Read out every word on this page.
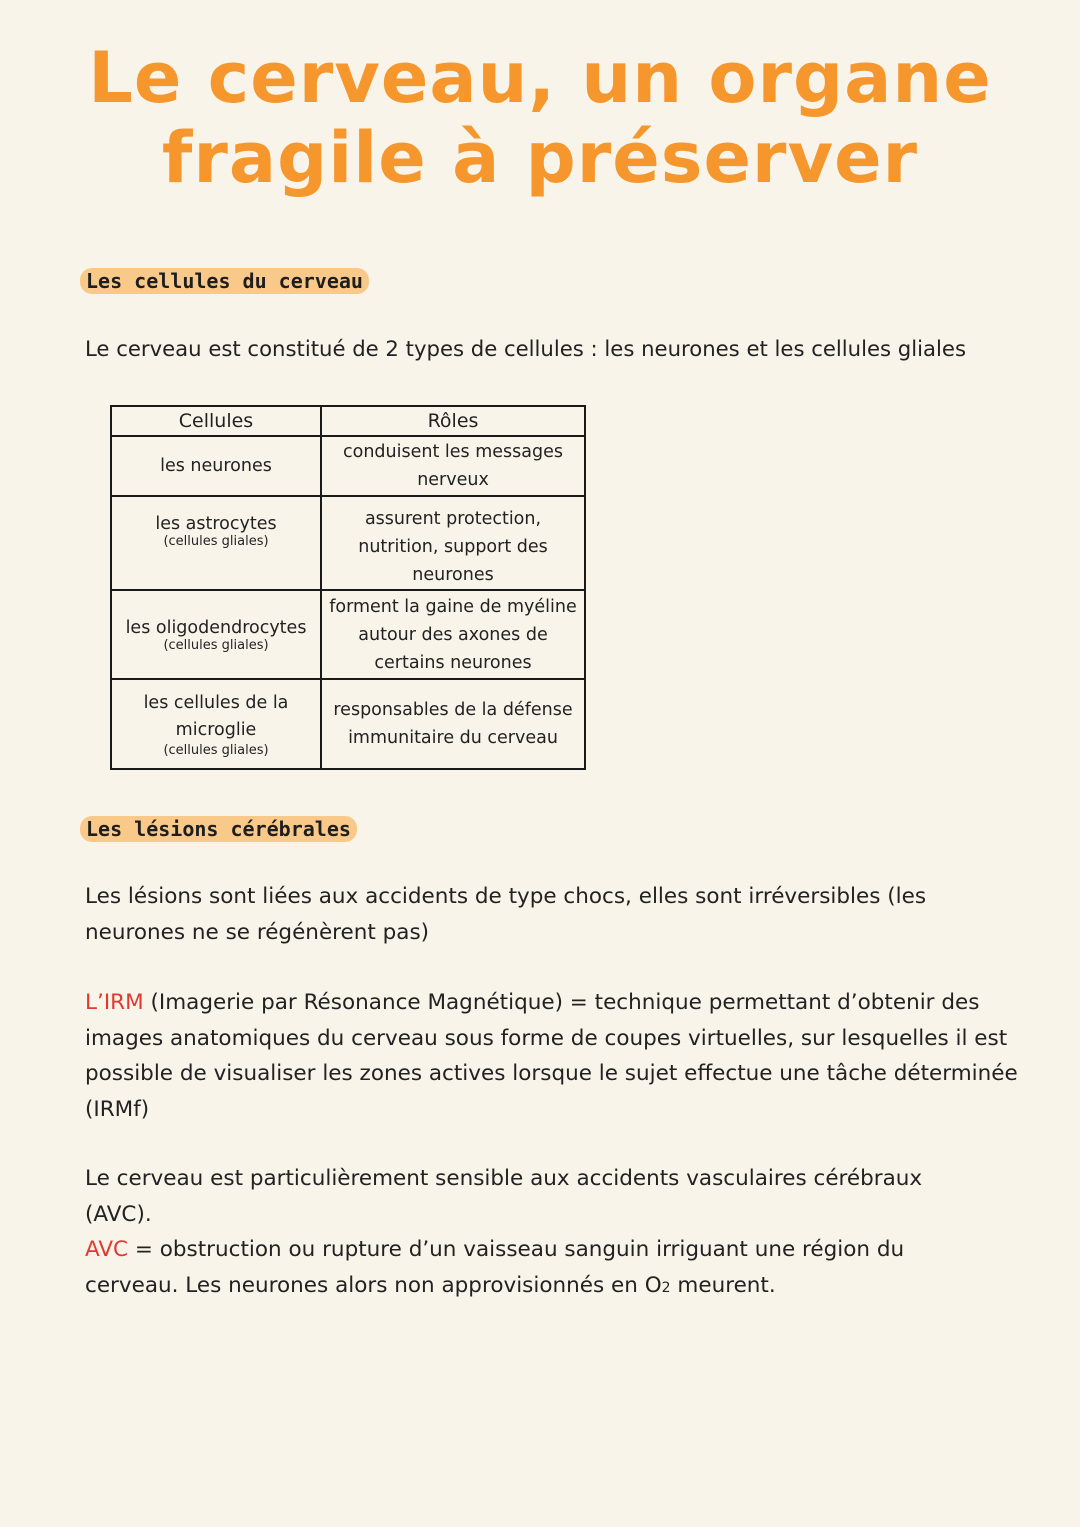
Le cerveau, un organe
fragile à préserver
Les cellules du cerveau

Le cerveau est constitué de 2 types de cellules : les neurones et les cellules gliales

Cellules	Rôles
les neurones	conduisent les messages nerveux

les astrocytes
(cellules gliales)	assurent protection, nutrition, support des neurones

les oligodendrocytes
(cellules gliales)	forment la gaine de myéline autour des axones de certains neurones

les cellules de la microglie
(cellules gliales)	responsables de la défense immunitaire du cerveau
Les lésions cérébrales

Les lésions sont liées aux accidents de type chocs, elles sont irréversibles (les neurones ne se régénèrent pas)

L’IRM (Imagerie par Résonance Magnétique) = technique permettant d’obtenir des images anatomiques du cerveau sous forme de coupes virtuelles, sur lesquelles il est possible de visualiser les zones actives lorsque le sujet effectue une tâche déterminée (IRMf)

Le cerveau est particulièrement sensible aux accidents vasculaires cérébraux (AVC).

AVC = obstruction ou rupture d’un vaisseau sanguin irriguant une région du cerveau. Les neurones alors non approvisionnés en O2 meurent.
